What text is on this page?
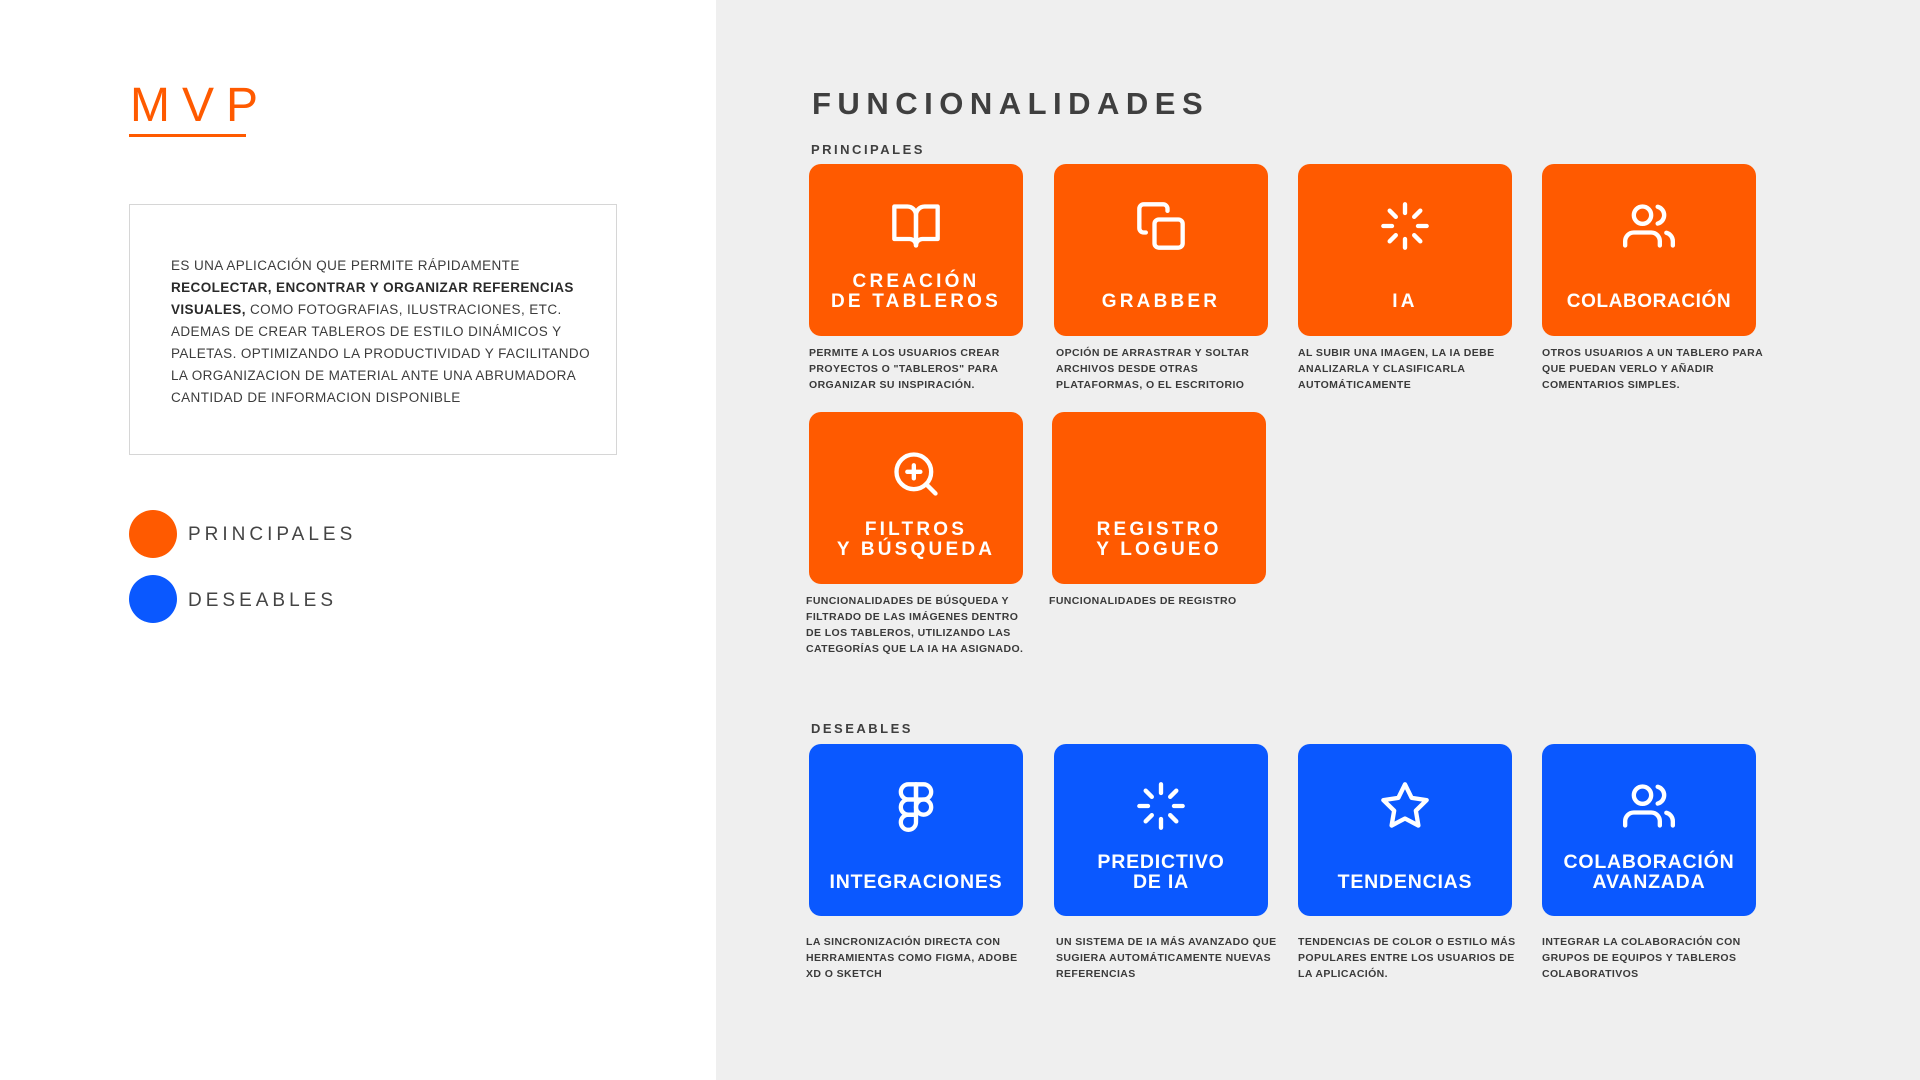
MVP
ES UNA APLICACIÓN QUE PERMITE RÁPIDAMENTE RECOLECTAR, ENCONTRAR Y ORGANIZAR REFERENCIAS VISUALES, COMO FOTOGRAFIAS, ILUSTRACIONES, ETC. ADEMAS DE CREAR TABLEROS DE ESTILO DINÁMICOS Y PALETAS. OPTIMIZANDO LA PRODUCTIVIDAD Y FACILITANDO LA ORGANIZACION DE MATERIAL ANTE UNA ABRUMADORA CANTIDAD DE INFORMACION DISPONIBLE
PRINCIPALES
DESEABLES
FUNCIONALIDADES
PRINCIPALES
DESEABLES
CREACIÓN
DE TABLEROS

PERMITE A LOS USUARIOS CREAR PROYECTOS O "TABLEROS" PARA ORGANIZAR SU INSPIRACIÓN.

GRABBER

OPCIÓN DE ARRASTRAR Y SOLTAR ARCHIVOS DESDE OTRAS PLATAFORMAS, O EL ESCRITORIO

IA

AL SUBIR UNA IMAGEN, LA IA DEBE ANALIZARLA Y CLASIFICARLA AUTOMÁTICAMENTE

COLABORACIÓN

OTROS USUARIOS A UN TABLERO PARA QUE PUEDAN VERLO Y AÑADIR COMENTARIOS SIMPLES.

FILTROS
Y BÚSQUEDA

FUNCIONALIDADES DE BÚSQUEDA Y FILTRADO DE LAS IMÁGENES DENTRO DE LOS TABLEROS, UTILIZANDO LAS CATEGORÍAS QUE LA IA HA ASIGNADO.

REGISTRO
Y LOGUEO

FUNCIONALIDADES DE REGISTRO

INTEGRACIONES

LA SINCRONIZACIÓN DIRECTA CON HERRAMIENTAS COMO FIGMA, ADOBE XD O SKETCH

PREDICTIVO
DE IA

UN SISTEMA DE IA MÁS AVANZADO QUE SUGIERA AUTOMÁTICAMENTE NUEVAS REFERENCIAS

TENDENCIAS

TENDENCIAS DE COLOR O ESTILO MÁS POPULARES ENTRE LOS USUARIOS DE LA APLICACIÓN.

COLABORACIÓN
AVANZADA

INTEGRAR LA COLABORACIÓN CON GRUPOS DE EQUIPOS Y TABLEROS COLABORATIVOS
